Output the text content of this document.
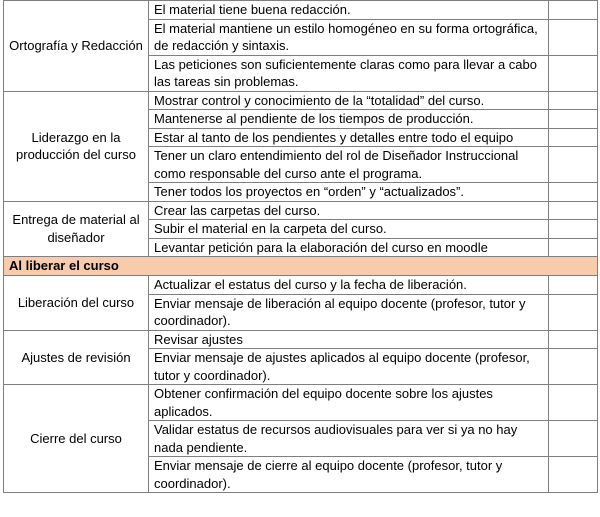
Ortografía y Redacción	El material tiene buena redacción.	
	El material mantiene un estilo homogéneo en su forma ortográfica, de redacción y sintaxis.	
	Las peticiones son suficientemente claras como para llevar a cabo las tareas sin problemas.	
Liderazgo en la producción del curso	Mostrar control y conocimiento de la “totalidad” del curso.	
	Mantenerse al pendiente de los tiempos de producción.	
	Estar al tanto de los pendientes y detalles entre todo el equipo	
	Tener un claro entendimiento del rol de Diseñador Instruccional como responsable del curso ante el programa.	
	Tener todos los proyectos en “orden” y “actualizados”.	
Entrega de material al diseñador	Crear las carpetas del curso.	
	Subir el material en la carpeta del curso.	
	Levantar petición para la elaboración del curso en moodle	
Al liberar el curso		
Liberación del curso	Actualizar el estatus del curso y la fecha de liberación.	
	Enviar mensaje de liberación al equipo docente (profesor, tutor y coordinador).	
Ajustes de revisión	Revisar ajustes	
	Enviar mensaje de ajustes aplicados al equipo docente (profesor, tutor y coordinador).	
Cierre del curso	Obtener confirmación del equipo docente sobre los ajustes aplicados.	
	Validar estatus de recursos audiovisuales para ver si ya no hay nada pendiente.	
	Enviar mensaje de cierre al equipo docente (profesor, tutor y coordinador).	
